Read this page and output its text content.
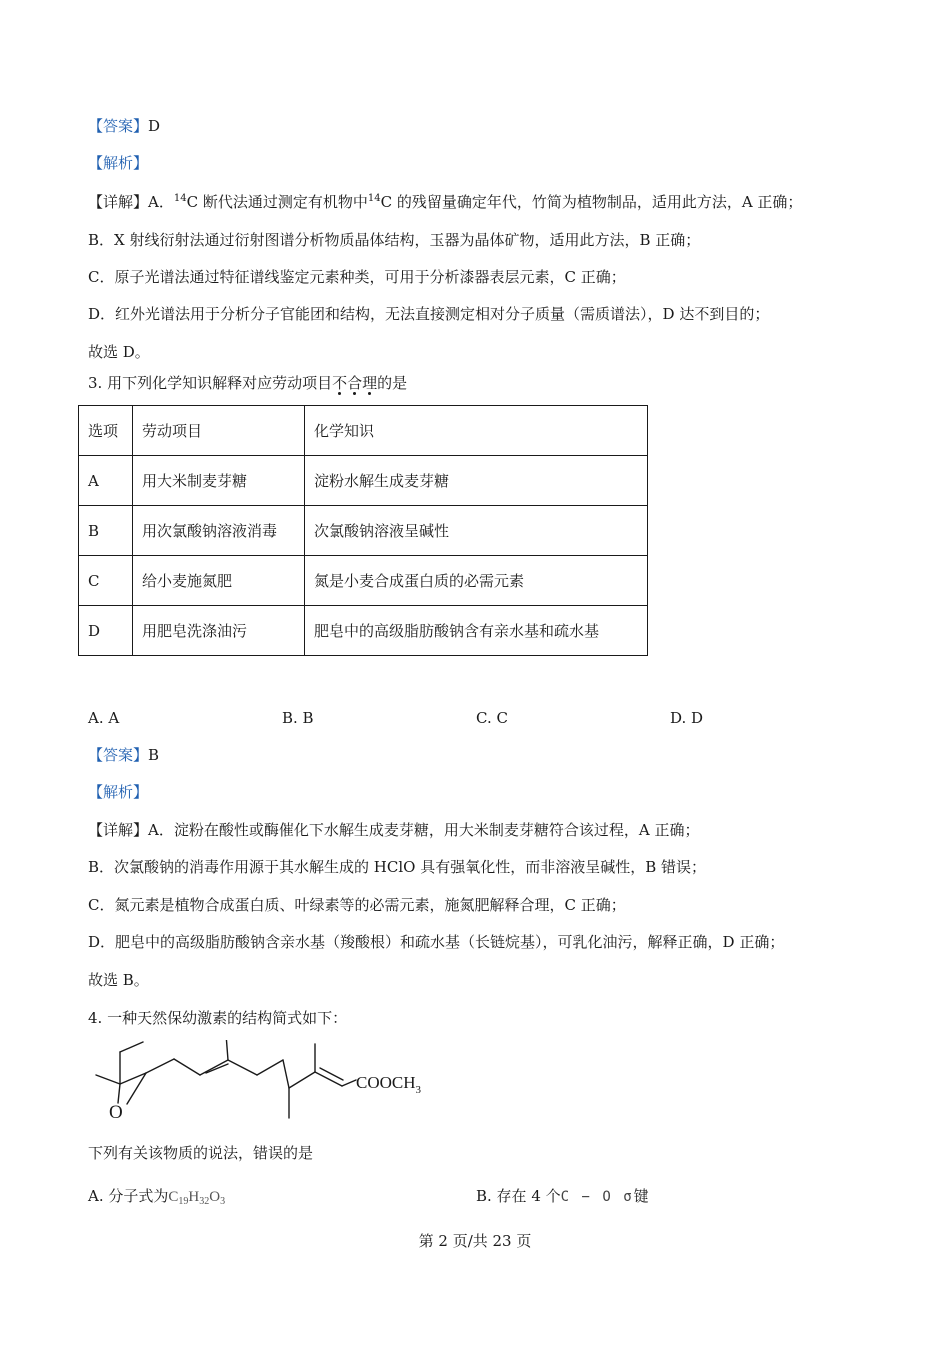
【答案】D
【解析】
【详解】A．$^{14}$C 断代法通过测定有机物中$^{14}$C 的残留量确定年代，竹简为植物制品，适用此方法，A 正确；
B．X 射线衍射法通过衍射图谱分析物质晶体结构，玉器为晶体矿物，适用此方法，B 正确；
C．原子光谱法通过特征谱线鉴定元素种类，可用于分析漆器表层元素，C 正确；
D．红外光谱法用于分析分子官能团和结构，无法直接测定相对分子质量（需质谱法），D 达不到目的；
故选 D。
3. 用下列化学知识解释对应劳动项目不
合
理
的是
选项	劳动项目	化学知识
A	用大米制麦芽糖	淀粉水解生成麦芽糖
B	用次氯酸钠溶液消毒	次氯酸钠溶液呈碱性
C	给小麦施氮肥	氮是小麦合成蛋白质的必需元素
D	用肥皂洗涤油污	肥皂中的高级脂肪酸钠含有亲水基和疏水基
A. A	B. B	C. C	D. D
【答案】B
【解析】
【详解】A．淀粉在酸性或酶催化下水解生成麦芽糖，用大米制麦芽糖符合该过程，A 正确；
B．次氯酸钠的消毒作用源于其水解生成的 HClO 具有强氧化性，而非溶液呈碱性，B 错误；
C．氮元素是植物合成蛋白质、叶绿素等的必需元素，施氮肥解释合理，C 正确；
D．肥皂中的高级脂肪酸钠含亲水基（羧酸根）和疏水基（长链烷基），可乳化油污，解释正确，D 正确；
故选 B。
4. 一种天然保幼激素的结构简式如下：
O
$COOCH_3$
下列有关该物质的说法，错误的是
A. 分子式为$C_{19}H_{32}O_3$	B. 存在 4 个C − O σ键
第 2 页/共 23 页
